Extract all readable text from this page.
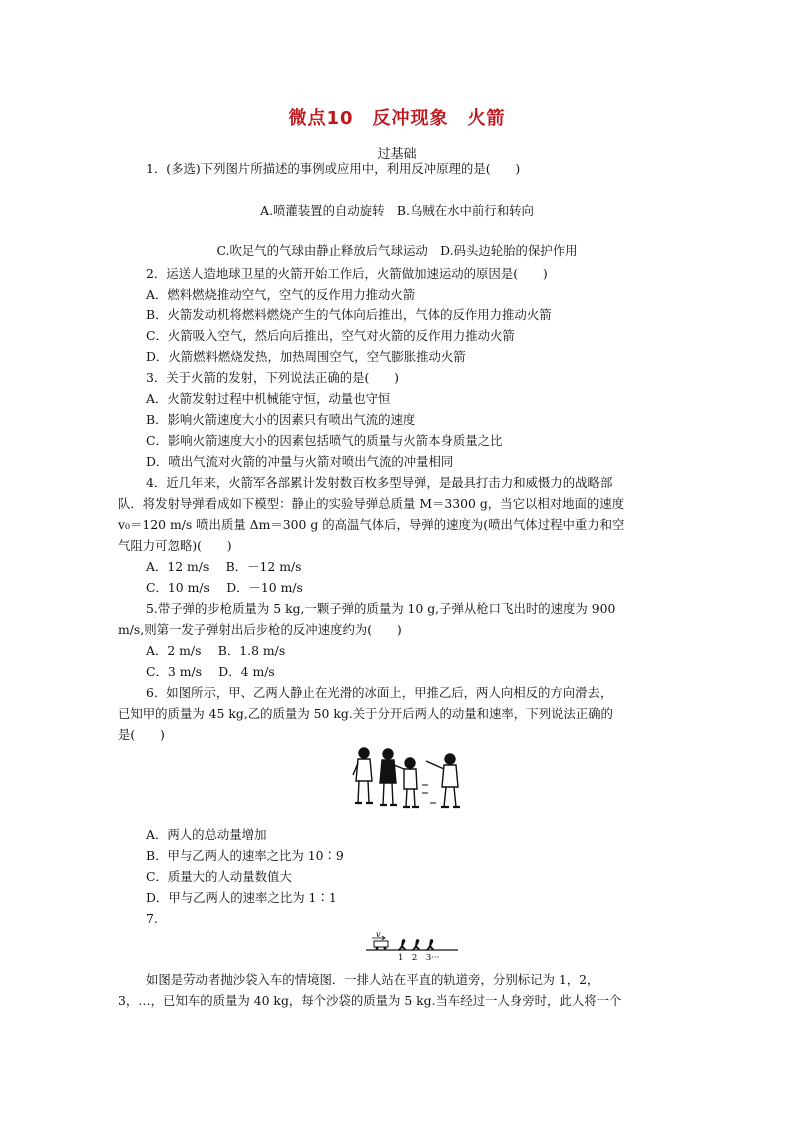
微点10　反冲现象　火箭
过基础
1．(多选)下列图片所描述的事例或应用中，利用反冲原理的是(　　)
A.喷灌装置的自动旋转　B.乌贼在水中前行和转向
C.吹足气的气球由静止释放后气球运动　D.码头边轮胎的保护作用
2．运送人造地球卫星的火箭开始工作后，火箭做加速运动的原因是(　　)
A．燃料燃烧推动空气，空气的反作用力推动火箭
B．火箭发动机将燃料燃烧产生的气体向后推出，气体的反作用力推动火箭
C．火箭吸入空气，然后向后推出，空气对火箭的反作用力推动火箭
D．火箭燃料燃烧发热，加热周围空气，空气膨胀推动火箭
3．关于火箭的发射，下列说法正确的是(　　)
A．火箭发射过程中机械能守恒，动量也守恒
B．影响火箭速度大小的因素只有喷出气流的速度
C．影响火箭速度大小的因素包括喷气的质量与火箭本身质量之比
D．喷出气流对火箭的冲量与火箭对喷出气流的冲量相同
4．近几年来，火箭军各部累计发射数百枚多型导弹，是最具打击力和威慑力的战略部
队．将发射导弹看成如下模型：静止的实验导弹总质量 M＝3300 g，当它以相对地面的速度
v₀＝120 m/s 喷出质量 Δm＝300 g 的高温气体后，导弹的速度为(喷出气体过程中重力和空
气阻力可忽略)(　　)
A．12 m/s　 B．－12 m/s
C．10 m/s　 D．－10 m/s
5.带子弹的步枪质量为 5 kg,一颗子弹的质量为 10 g,子弹从枪口飞出时的速度为 900
m/s,则第一发子弹射出后步枪的反冲速度约为(　　)
A．2 m/s　 B．1.8 m/s
C．3 m/s　 D．4 m/s
6．如图所示，甲、乙两人静止在光滑的冰面上，甲推乙后，两人向相反的方向滑去，
已知甲的质量为 45 kg,乙的质量为 50 kg.关于分开后两人的动量和速率，下列说法正确的
是(　　)
A．两人的总动量增加
B．甲与乙两人的速率之比为 10∶9
C．质量大的人动量数值大
D．甲与乙两人的速率之比为 1∶1
7.
v
1　2　3···
如图是劳动者抛沙袋入车的情境图．一排人站在平直的轨道旁，分别标记为 1，2，
3，…，已知车的质量为 40 kg，每个沙袋的质量为 5 kg.当车经过一人身旁时，此人将一个
